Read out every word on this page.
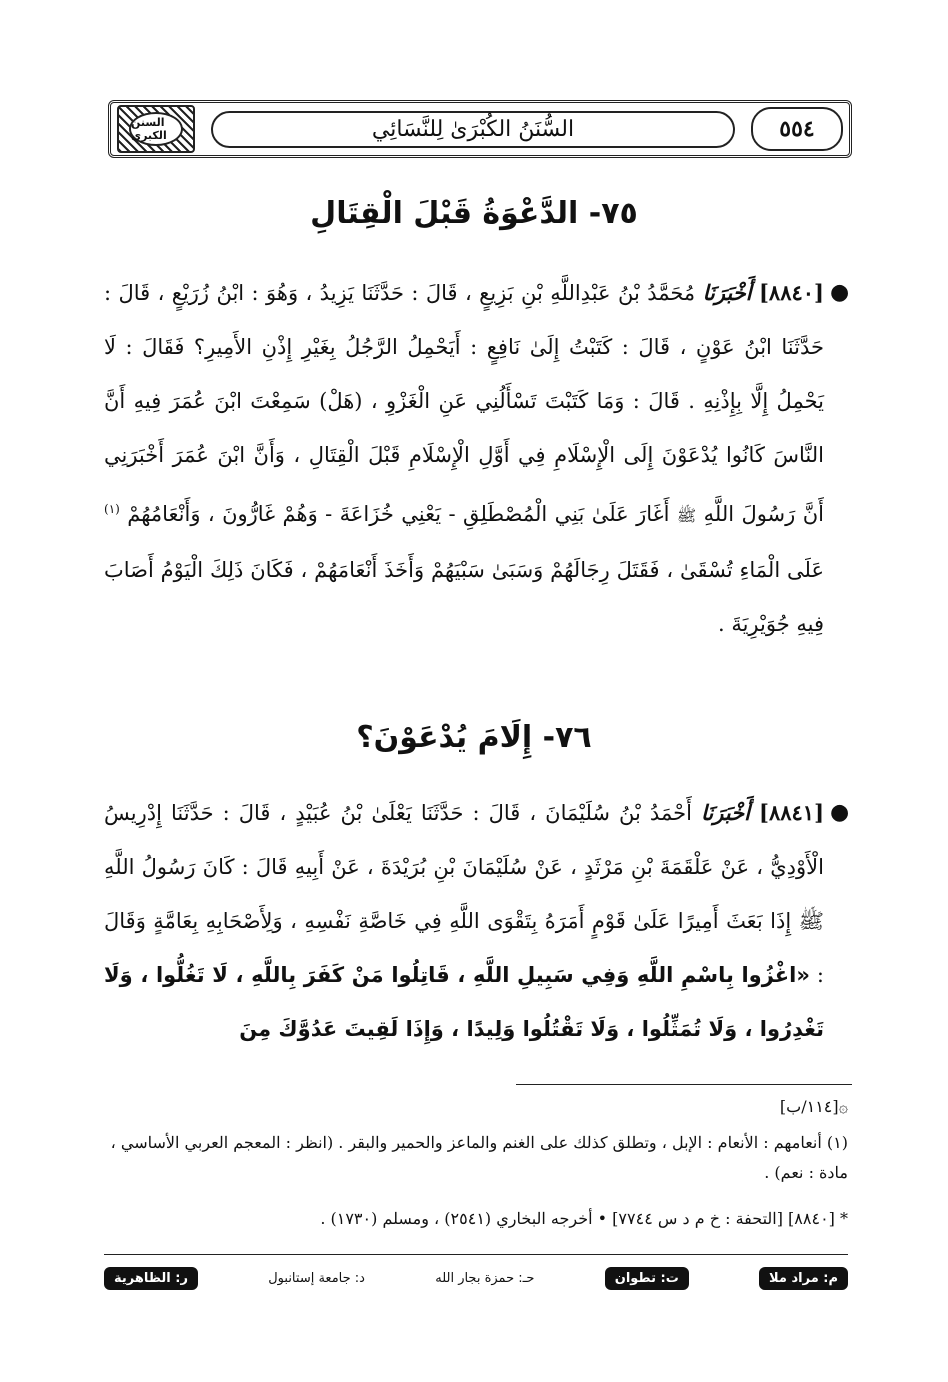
السنن الكبرى	السُّنَنُ الكُبْرَىٰ لِلنَّسَائِي	٥٥٤
٧٥- الدَّعْوَةُ قَبْلَ الْقِتَالِ
●
[٨٨٤٠] أَخْبَرَنَا مُحَمَّدُ بْنُ عَبْدِاللَّهِ بْنِ بَزِيعٍ ، قَالَ : حَدَّثَنَا يَزِيدُ ، وَهُوَ : ابْنُ زُرَيْعٍ ، قَالَ : حَدَّثَنَا ابْنُ عَوْنٍ ، قَالَ : كَتَبْتُ إِلَىٰ نَافِعٍ : أَيَحْمِلُ الرَّجُلُ بِغَيْرِ إِذْنِ الأَمِيرِ؟ فَقَالَ : لَا يَحْمِلُ إِلَّا بِإِذْنِهِ . قَالَ : وَمَا كَتَبْتَ تَسْأَلُنِي عَنِ الْغَزْوِ ، (هَلْ) سَمِعْتَ ابْنَ عُمَرَ فِيهِ أَنَّ النَّاسَ كَانُوا يُدْعَوْنَ إِلَى الْإِسْلَامِ فِي أَوَّلِ الْإِسْلَامِ قَبْلَ الْقِتَالِ ، وَأَنَّ ابْنَ عُمَرَ أَخْبَرَنِي أَنَّ رَسُولَ اللَّهِ ﷺ أَغَارَ عَلَىٰ بَنِي الْمُصْطَلِقِ - يَعْنِي خُزَاعَةَ - وَهُمْ غَارُّونَ ، وَأَنْعَامُهُمْ $^{(١)}$ عَلَى الْمَاءِ تُسْقَىٰ ، فَقَتَلَ رِجَالَهُمْ وَسَبَىٰ سَبْيَهُمْ وَأَخَذَ أَنْعَامَهُمْ ، فَكَانَ ذَلِكَ الْيَوْمُ أَصَابَ فِيهِ جُوَيْرِيَةَ .
٧٦- إِلَامَ يُدْعَوْنَ؟
●
[٨٨٤١] أَخْبَرَنَا أَحْمَدُ بْنُ سُلَيْمَانَ ، قَالَ : حَدَّثَنَا يَعْلَىٰ بْنُ عُبَيْدٍ ، قَالَ : حَدَّثَنَا إِدْرِيسُ الْأَوْدِيُّ ، عَنْ عَلْقَمَةَ بْنِ مَرْثَدٍ ، عَنْ سُلَيْمَانَ بْنِ بُرَيْدَةَ ، عَنْ أَبِيهِ قَالَ : كَانَ رَسُولُ اللَّهِ ﷺ إِذَا بَعَثَ أَمِيرًا عَلَىٰ قَوْمٍ أَمَرَهُ بِتَقْوَى اللَّهِ فِي خَاصَّةِ نَفْسِهِ ، وَلِأَصْحَابِهِ بِعَامَّةٍ وَقَالَ : «اغْزُوا بِاسْمِ اللَّهِ وَفِي سَبِيلِ اللَّهِ ، قَاتِلُوا مَنْ كَفَرَ بِاللَّهِ ، لَا تَغُلُّوا ، وَلَا تَغْدِرُوا ، وَلَا تُمَثِّلُوا ، وَلَا تَقْتُلُوا وَلِيدًا ، وَإِذَا لَقِيتَ عَدُوَّكَ مِنَ
۞[١١٤/ب]
(١) أنعامهم : الأنعام : الإبل ، وتطلق كذلك على الغنم والماعز والحمير والبقر . (انظر : المعجم العربي الأساسي ، مادة : نعم) .
* [٨٨٤٠] [التحفة : خ م د س ٧٧٤٤] • أخرجه البخاري (٢٥٤١) ، ومسلم (١٧٣٠) .
م: مراد ملا
ت: تطوان
حـ: حمزة بجار الله
د: جامعة إستانبول
ر: الظاهرية
